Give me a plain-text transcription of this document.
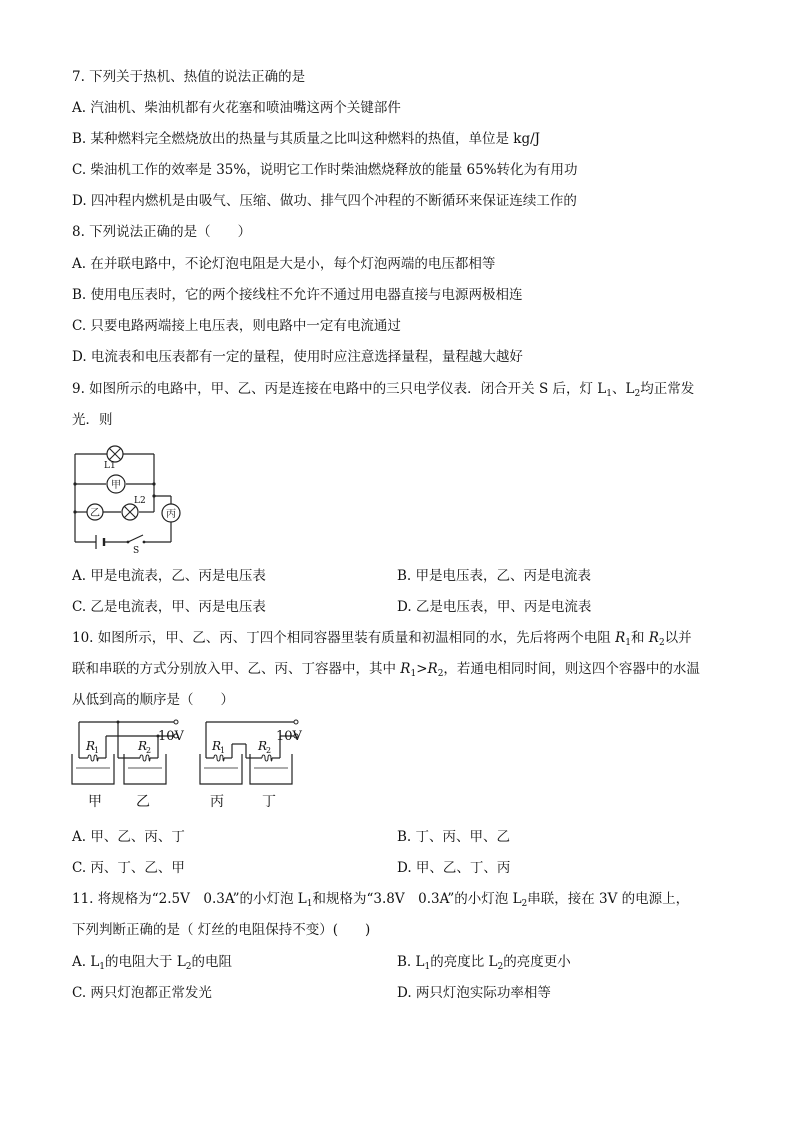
7. 下列关于热机、热值的说法正确的是
A. 汽油机、柴油机都有火花塞和喷油嘴这两个关键部件
B. 某种燃料完全燃烧放出的热量与其质量之比叫这种燃料的热值，单位是 kg/J
C. 柴油机工作的效率是 35%，说明它工作时柴油燃烧释放的能量 65%转化为有用功
D. 四冲程内燃机是由吸气、压缩、做功、排气四个冲程的不断循环来保证连续工作的
8. 下列说法正确的是（　　）
A. 在并联电路中，不论灯泡电阻是大是小，每个灯泡两端的电压都相等
B. 使用电压表时，它的两个接线柱不允许不通过用电器直接与电源两极相连
C. 只要电路两端接上电压表，则电路中一定有电流通过
D. 电流表和电压表都有一定的量程，使用时应注意选择量程，量程越大越好
9. 如图所示的电路中，甲、乙、丙是连接在电路中的三只电学仪表．闭合开关 S 后，灯 $L_1$、$L_2$均正常发
光．则
甲
乙	丙
L1
L2
S
A. 甲是电流表，乙、丙是电压表	B. 甲是电压表，乙、丙是电流表
C. 乙是电流表，甲、丙是电压表	D. 乙是电压表，甲、丙是电流表
10. 如图所示，甲、乙、丙、丁四个相同容器里装有质量和初温相同的水，先后将两个电阻 $R_1$和 $R_2$以并
联和串联的方式分别放入甲、乙、丙、丁容器中，其中 $R_1>R_2$，若通电相同时间，则这四个容器中的水温
从低到高的顺序是（　　）
10V	10V
R
1	R
2	R
1	R
2
甲 乙	丙	丁
A. 甲、乙、丙、丁	B. 丁、丙、甲、乙
C. 丙、丁、乙、甲	D. 甲、乙、丁、丙
11. 将规格为“2.5V　0.3A”的小灯泡 $L_1$和规格为“3.8V　0.3A”的小灯泡 $L_2$串联，接在 3V 的电源上，
下列判断正确的是（ 灯丝的电阻保持不变）(　　)
A. $L_1$的电阻大于 $L_2$的电阻	B. $L_1$的亮度比 $L_2$的亮度更小
C. 两只灯泡都正常发光	D. 两只灯泡实际功率相等
